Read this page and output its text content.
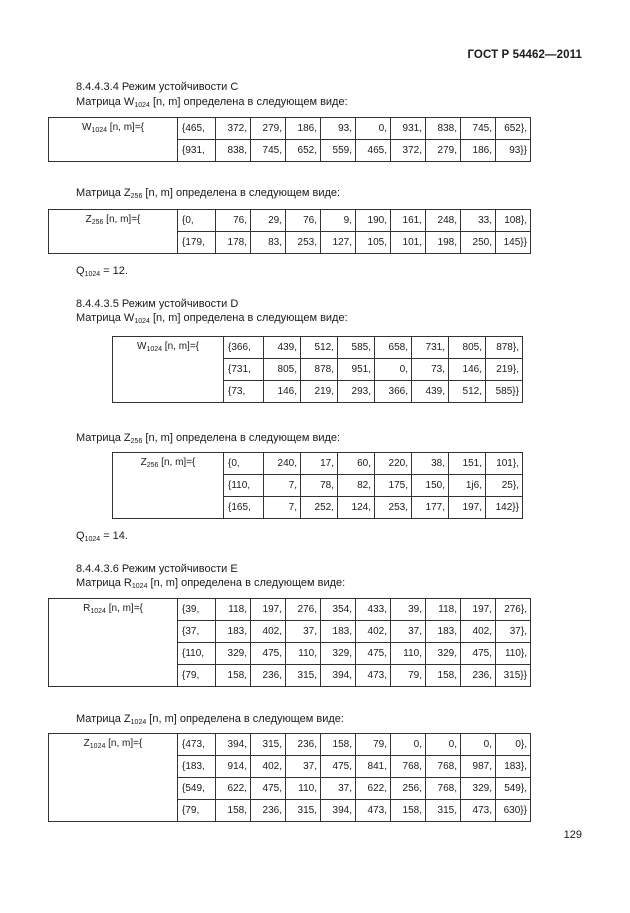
ГОСТ Р 54462—2011
8.4.4.3.4 Режим устойчивости C
Матрица $W_{1024}$ [n, m] определена в следующем виде:
$W_{1024}$ [n, m]={	{465,	372,	279,	186,	93,	0,	931,	838,	745,	652},
	{931,	838,	745,	652,	559,	465,	372,	279,	186,	93}}
Матрица $Z_{256}$ [n, m] определена в следующем виде:
$Z_{256}$ [n, m]={	{0,	76,	29,	76,	9,	190,	161,	248,	33,	108},
	{179,	178,	83,	253,	127,	105,	101,	198,	250,	145}}
$Q_{1024} = 12$.
8.4.4.3.5 Режим устойчивости D
Матрица $W_{1024}$ [n, m] определена в следующем виде:
$W_{1024}$ [n, m]={	{366,	439,	512,	585,	658,	731,	805,	878},
	{731,	805,	878,	951,	0,	73,	146,	219},
	{73,	146,	219,	293,	366,	439,	512,	585}}
Матрица $Z_{256}$ [n, m] определена в следующем виде:
$Z_{256}$ [n, m]={	{0,	240,	17,	60,	220,	38,	151,	101},
	{110,	7,	78,	82,	175,	150,	1j6,	25},
	{165,	7,	252,	124,	253,	177,	197,	142}}
$Q_{1024} = 14$.
8.4.4.3.6 Режим устойчивости E
Матрица $R_{1024}$ [n, m] определена в следующем виде:
$R_{1024}$ [n, m]={	{39,	118,	197,	276,	354,	433,	39,	118,	197,	276},
	{37,	183,	402,	37,	183,	402,	37,	183,	402,	37},
	{110,	329,	475,	110,	329,	475,	110,	329,	475,	110},
	{79,	158,	236,	315,	394,	473,	79,	158,	236,	315}}
Матрица $Z_{1024}$ [n, m] определена в следующем виде:
$Z_{1024}$ [n, m]={	{473,	394,	315,	236,	158,	79,	0,	0,	0,	0},
	{183,	914,	402,	37,	475,	841,	768,	768,	987,	183},
	{549,	622,	475,	110,	37,	622,	256,	768,	329,	549},
	{79,	158,	236,	315,	394,	473,	158,	315,	473,	630}}
129
